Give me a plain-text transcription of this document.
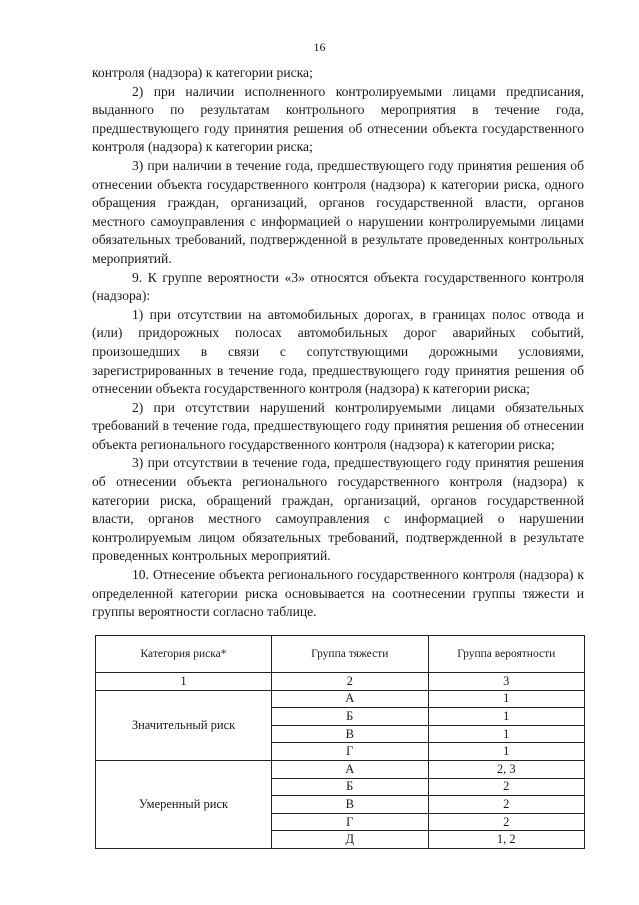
16

контроля (надзора) к категории риска;

2) при наличии исполненного контролируемыми лицами предписания, выданного по результатам контрольного мероприятия в течение года, предшествующего году принятия решения об отнесении объекта государственного контроля (надзора) к категории риска;

3) при наличии в течение года, предшествующего году принятия решения об отнесении объекта государственного контроля (надзора) к категории риска, одного обращения граждан, организаций, органов государственной власти, органов местного самоуправления с информацией о нарушении контролируемыми лицами обязательных требований, подтвержденной в результате проведенных контрольных мероприятий.

9. К группе вероятности «3» относятся объекта государственного контроля (надзора):

1) при отсутствии на автомобильных дорогах, в границах полос отвода и (или) придорожных полосах автомобильных дорог аварийных событий, произошедших в связи с сопутствующими дорожными условиями, зарегистрированных в течение года, предшествующего году принятия решения об отнесении объекта государственного контроля (надзора) к категории риска;

2) при отсутствии нарушений контролируемыми лицами обязательных требований в течение года, предшествующего году принятия решения об отнесении объекта регионального государственного контроля (надзора) к категории риска;

3) при отсутствии в течение года, предшествующего году принятия решения об отнесении объекта регионального государственного контроля (надзора) к категории риска, обращений граждан, организаций, органов государственной власти, органов местного самоуправления с информацией о нарушении контролируемым лицом обязательных требований, подтвержденной в результате проведенных контрольных мероприятий.

10. Отнесение объекта регионального государственного контроля (надзора) к определенной категории риска основывается на соотнесении группы тяжести и группы вероятности согласно таблице.

Категория риска*	Группа тяжести	Группа вероятности
1	2	3
Значительный риск	А	1
	Б	1
	В	1
	Г	1
Умеренный риск	А	2, 3
	Б	2
	В	2
	Г	2
	Д	1, 2
